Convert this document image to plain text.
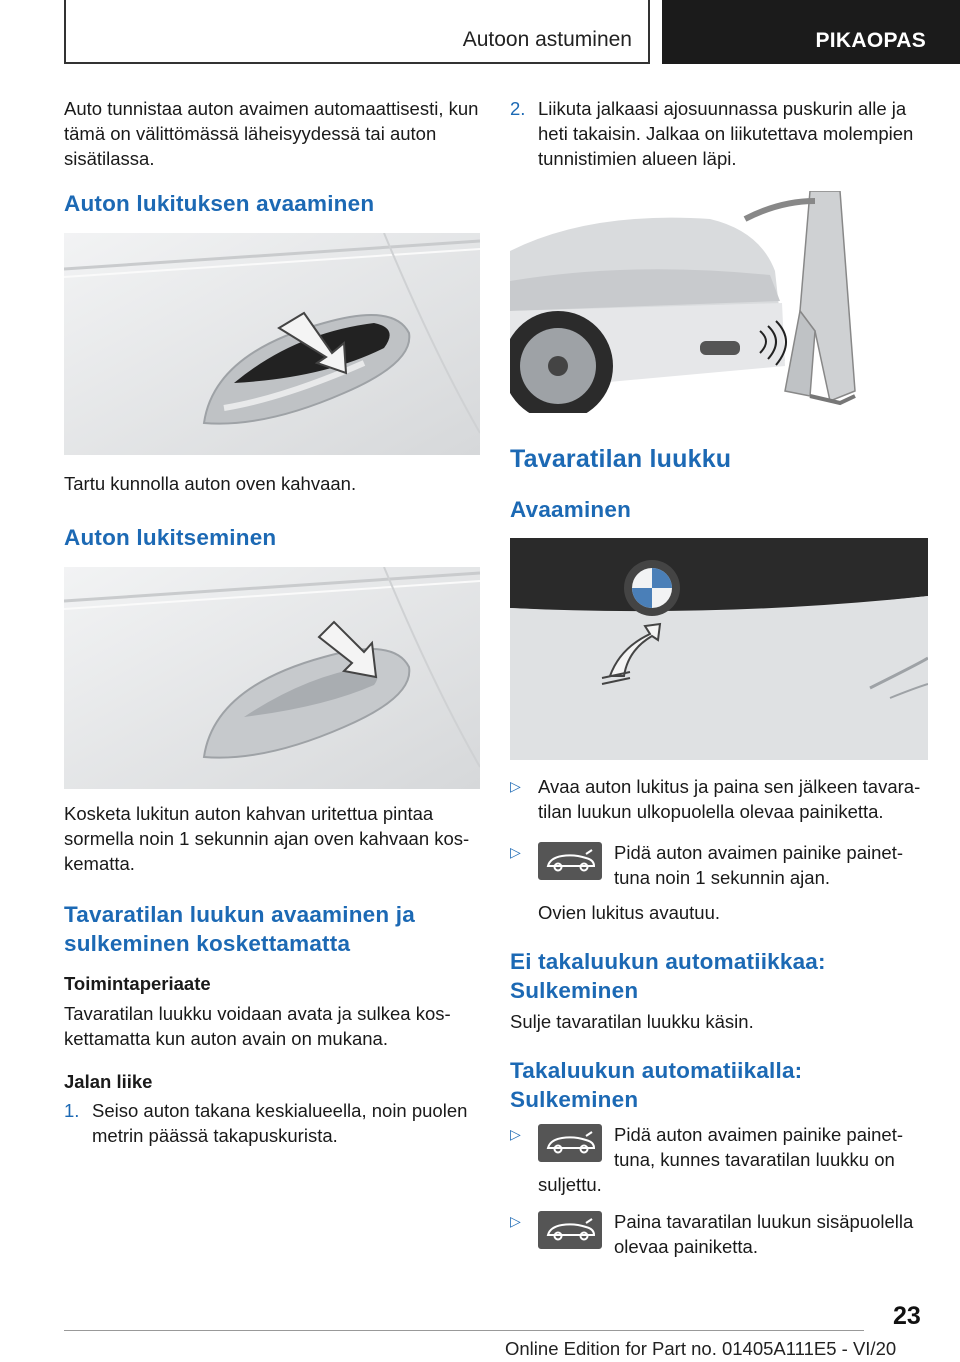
Autoon astuminen	PIKAOPAS

Auto tunnistaa auton avaimen automaattisesti, kun tämä on välittömässä läheisyydessä tai auton sisätilassa.

Auton lukituksen avaaminen

Tartu kunnolla auton oven kahvaan.

Auton lukitseminen

Kosketa lukitun auton kahvan uritettua pintaa sormella noin 1 sekunnin ajan oven kahvaan koskematta.

Tavaratilan luukun avaaminen ja sulkeminen koskettamatta
Toimintaperiaate

Tavaratilan luukku voidaan avata ja sulkea koskettamatta kun auton avain on mukana.

Jalan liike
1. Seiso auton takana keskialueella, noin puolen metrin päässä takapuskurista.
2. Liikuta jalkaasi ajosuunnassa puskurin alle ja heti takaisin. Jalkaa on liikutettava molempien tunnistimien alueen läpi.
Tavaratilan luukku
Avaaminen
▷ Avaa auton lukitus ja paina sen jälkeen tavaratilan luukun ulkopuolella olevaa painiketta.
▷	Pidä auton avaimen painike painettuna noin 1 sekunnin ajan.
Ovien lukitus avautuu.
Ei takaluukun automatiikkaa: Sulkeminen

Sulje tavaratilan luukku käsin.

Takaluukun automatiikalla: Sulkeminen
▷	Pidä auton avaimen painike painettuna, kunnes tavaratilan luukku on suljettu.
▷	Paina tavaratilan luukun sisäpuolella olevaa painiketta.
23
Online Edition for Part no. 01405A111E5 - VI/20
